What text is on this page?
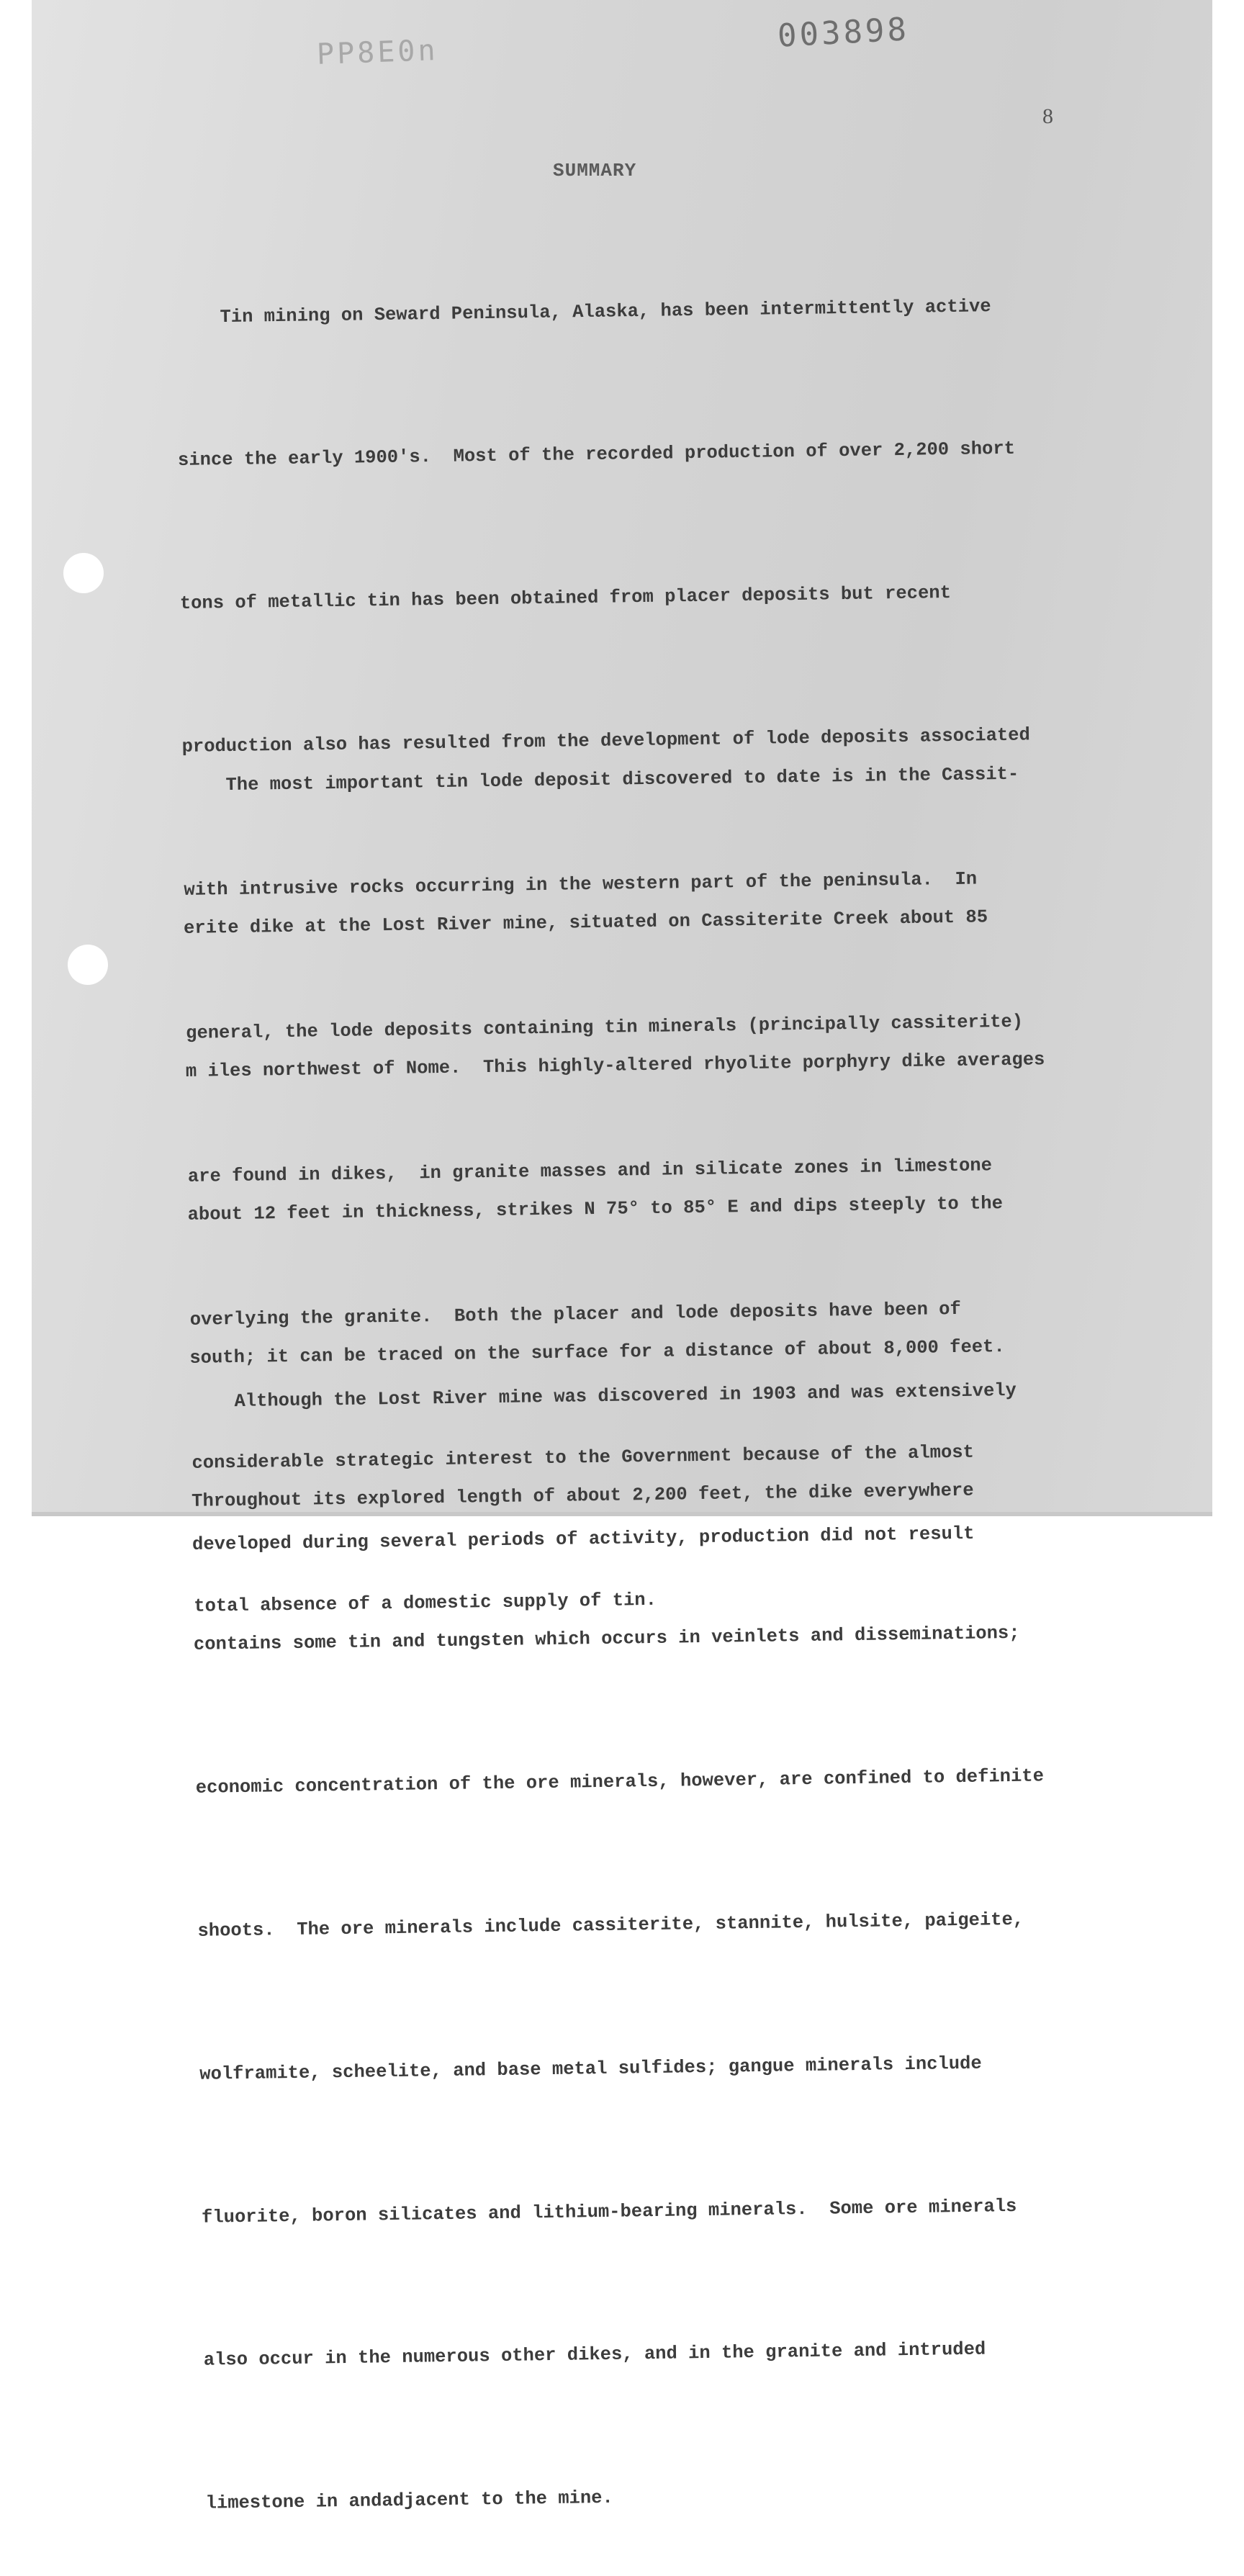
PP8E0n	003898
8
SUMMARY

Tin mining on Seward Peninsula, Alaska, has been intermittently active

since the early 1900's.  Most of the recorded production of over 2,200 short

tons of metallic tin has been obtained from placer deposits but recent

production also has resulted from the development of lode deposits associated

with intrusive rocks occurring in the western part of the peninsula.  In

general, the lode deposits containing tin minerals (principally cassiterite)

are found in dikes,  in granite masses and in silicate zones in limestone

overlying the granite.  Both the placer and lode deposits have been of

considerable strategic interest to the Government because of the almost

total absence of a domestic supply of tin.

The most important tin lode deposit discovered to date is in the Cassit-

erite dike at the Lost River mine, situated on Cassiterite Creek about 85

m iles northwest of Nome.  This highly-altered rhyolite porphyry dike averages

about 12 feet in thickness, strikes N 75° to 85° E and dips steeply to the

south; it can be traced on the surface for a distance of about 8,000 feet.

Throughout its explored length of about 2,200 feet, the dike everywhere

contains some tin and tungsten which occurs in veinlets and disseminations;

economic concentration of the ore minerals, however, are confined to definite

shoots.  The ore minerals include cassiterite, stannite, hulsite, paigeite,

wolframite, scheelite, and base metal sulfides; gangue minerals include

fluorite, boron silicates and lithium-bearing minerals.  Some ore minerals

also occur in the numerous other dikes, and in the granite and intruded

limestone in andadjacent to the mine.

Although the Lost River mine was discovered in 1903 and was extensively

developed during several periods of activity, production did not result
